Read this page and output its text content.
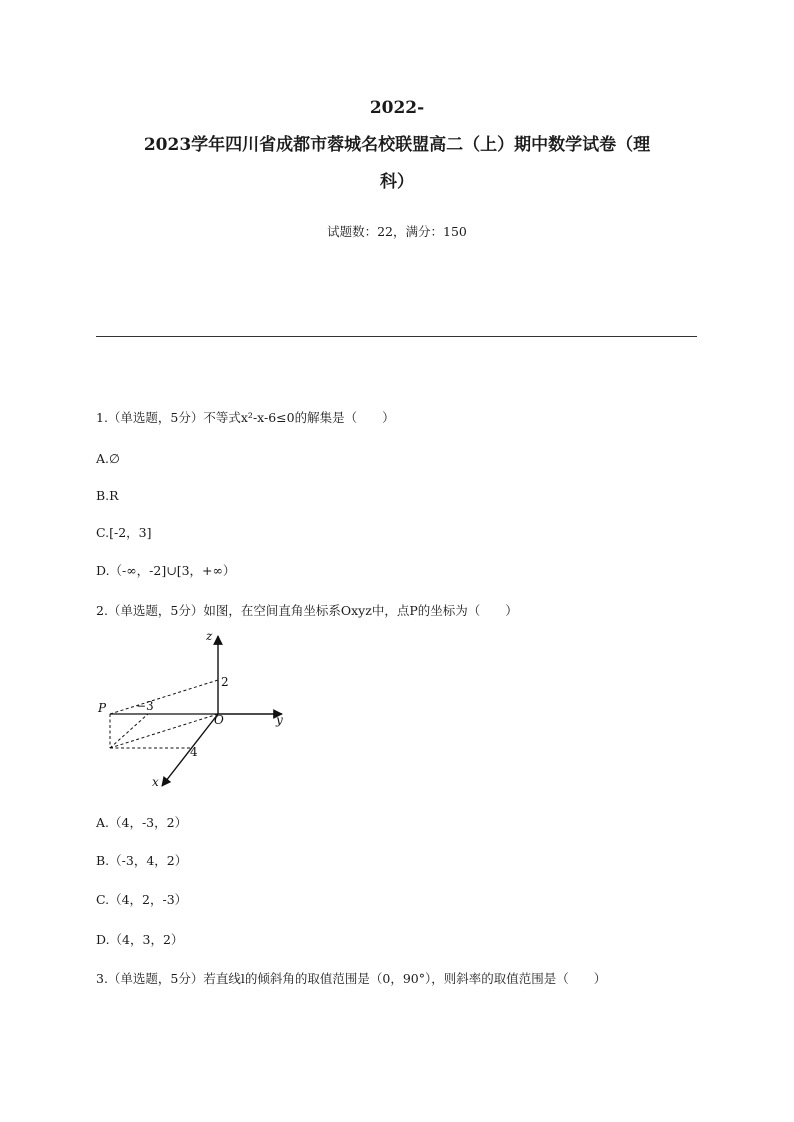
2022-
2023学年四川省成都市蓉城名校联盟高二（上）期中数学试卷（理
科）
试题数：22，满分：150
1.（单选题，5分）不等式x²-x-6≤0的解集是（　　）
A.∅
B.R
C.[-2，3]
D.（-∞，-2]∪[3，+∞）
2.（单选题，5分）如图，在空间直角坐标系Oxyz中，点P的坐标为（　　）
z
y
x
O
P
2
−3
4
A.（4，-3，2）
B.（-3，4，2）
C.（4，2，-3）
D.（4，3，2）
3.（单选题，5分）若直线l的倾斜角的取值范围是（0，90°），则斜率的取值范围是（　　）
